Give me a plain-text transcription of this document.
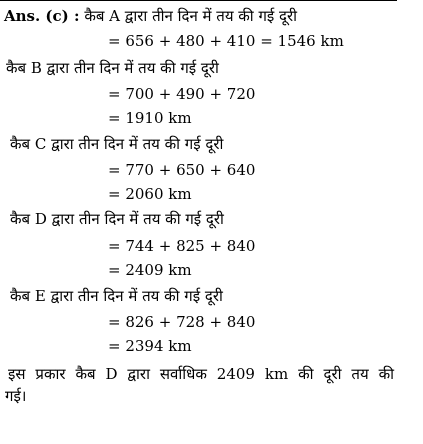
Ans. (c) : कैब A द्वारा तीन दिन में तय की गई दूरी
= 656 + 480 + 410 = 1546 km
कैब B द्वारा तीन दिन में तय की गई दूरी
= 700 + 490 + 720
= 1910 km
कैब C द्वारा तीन दिन में तय की गई दूरी
= 770 + 650 + 640
= 2060 km
कैब D द्वारा तीन दिन में तय की गई दूरी
= 744 + 825 + 840
= 2409 km
कैब E द्वारा तीन दिन में तय की गई दूरी
= 826 + 728 + 840
= 2394 km
इस प्रकार कैब D द्वारा सर्वाधिक 2409 km की दूरी तय की
गई।
